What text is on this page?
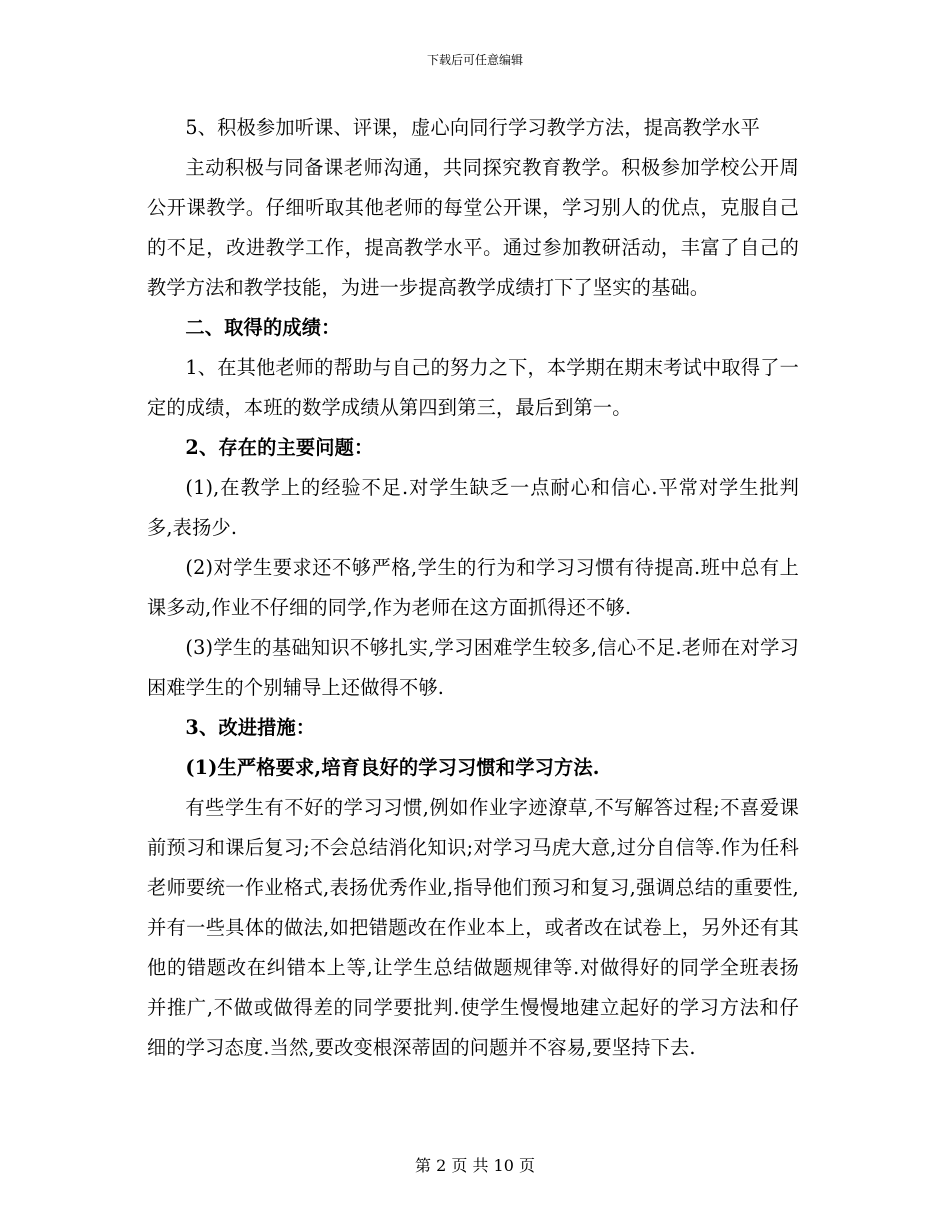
下载后可任意编辑

5、积极参加听课、评课，虚心向同行学习教学方法，提高教学水平

主动积极与同备课老师沟通，共同探究教育教学。积极参加学校公开周公开课教学。仔细听取其他老师的每堂公开课，学习别人的优点，克服自己的不足，改进教学工作，提高教学水平。通过参加教研活动，丰富了自己的教学方法和教学技能，为进一步提高教学成绩打下了坚实的基础。

二、取得的成绩：

1、在其他老师的帮助与自己的努力之下，本学期在期末考试中取得了一定的成绩，本班的数学成绩从第四到第三，最后到第一。

2、存在的主要问题：

(1),在教学上的经验不足.对学生缺乏一点耐心和信心.平常对学生批判多,表扬少.

(2)对学生要求还不够严格,学生的行为和学习习惯有待提高.班中总有上课多动,作业不仔细的同学,作为老师在这方面抓得还不够.

(3)学生的基础知识不够扎实,学习困难学生较多,信心不足.老师在对学习困难学生的个别辅导上还做得不够.

3、改进措施：

(1)生严格要求,培育良好的学习习惯和学习方法.

有些学生有不好的学习习惯,例如作业字迹潦草,不写解答过程;不喜爱课前预习和课后复习;不会总结消化知识;对学习马虎大意,过分自信等.作为任科老师要统一作业格式,表扬优秀作业,指导他们预习和复习,强调总结的重要性,并有一些具体的做法,如把错题改在作业本上，或者改在试卷上，另外还有其他的错题改在纠错本上等,让学生总结做题规律等.对做得好的同学全班表扬并推广,不做或做得差的同学要批判.使学生慢慢地建立起好的学习方法和仔细的学习态度.当然,要改变根深蒂固的问题并不容易,要坚持下去.

第 2 页 共 10 页
